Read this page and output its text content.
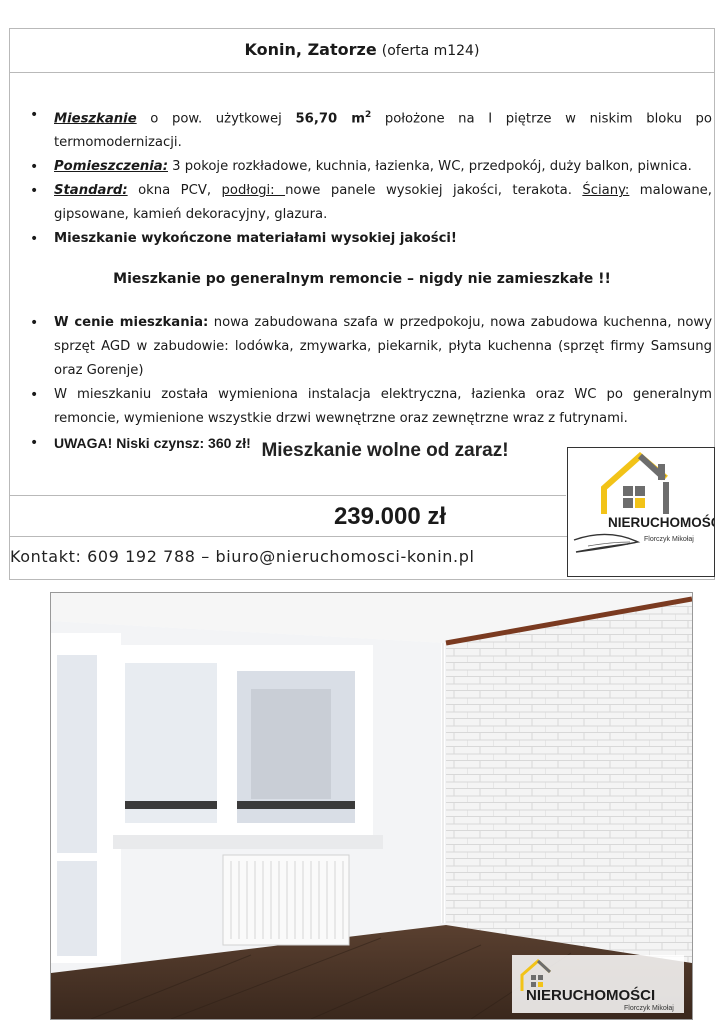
Konin, Zatorze (oferta m124)
• Mieszkanie o pow. użytkowej 56,70 $m^2$ położone na I piętrze w niskim bloku po termomodernizacji.
• Pomieszczenia: 3 pokoje rozkładowe, kuchnia, łazienka, WC, przedpokój, duży balkon, piwnica.
• Standard: okna PCV, podłogi: nowe panele wysokiej jakości, terakota. Ściany: malowane, gipsowane, kamień dekoracyjny, glazura.
• Mieszkanie wykończone materiałami wysokiej jakości!
Mieszkanie po generalnym remoncie – nigdy nie zamieszkałe !!
• W cenie mieszkania: nowa zabudowana szafa w przedpokoju, nowa zabudowa kuchenna, nowy sprzęt AGD w zabudowie: lodówka, zmywarka, piekarnik, płyta kuchenna (sprzęt firmy Samsung oraz Gorenje)
• W mieszkaniu została wymieniona instalacja elektryczna, łazienka oraz WC po generalnym remoncie, wymienione wszystkie drzwi wewnętrzne oraz zewnętrzne wraz z futrynami.
• UWAGA! Niski czynsz: 360 zł! Mieszkanie wolne od zaraz!
239.000 zł
Kontakt: 609 192 788 – biuro@nieruchomosci-konin.pl
NIERUCHOMOŚCI
Florczyk Mikołaj
NIERUCHOMOŚCI
Florczyk Mikołaj
